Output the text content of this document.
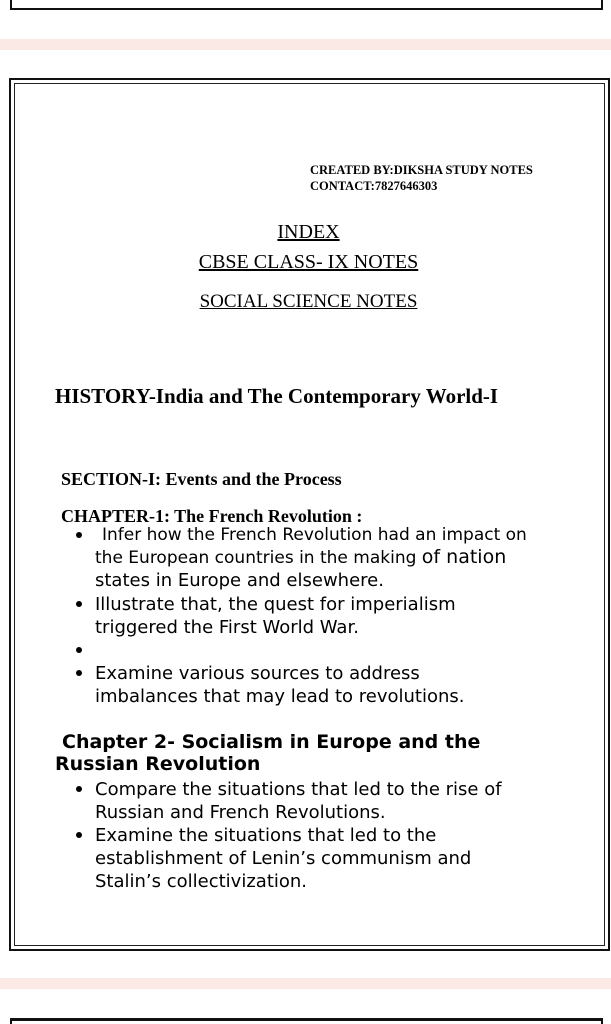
CREATED BY:DIKSHA STUDY NOTES

CONTACT:7827646303

INDEX

CBSE CLASS- IX NOTES

SOCIAL SCIENCE NOTES

HISTORY-India and The Contemporary World-I

SECTION-I: Events and the Process

CHAPTER-1: The French Revolution :

Infer how the French Revolution had an impact on

the European countries in the making of nation

states in Europe and elsewhere.

Illustrate that, the quest for imperialism

triggered the First World War.

Examine various sources to address

imbalances that may lead to revolutions.

Chapter 2- Socialism in Europe and the

Russian Revolution

Compare the situations that led to the rise of

Russian and French Revolutions.

Examine the situations that led to the

establishment of Lenin’s communism and

Stalin’s collectivization.
